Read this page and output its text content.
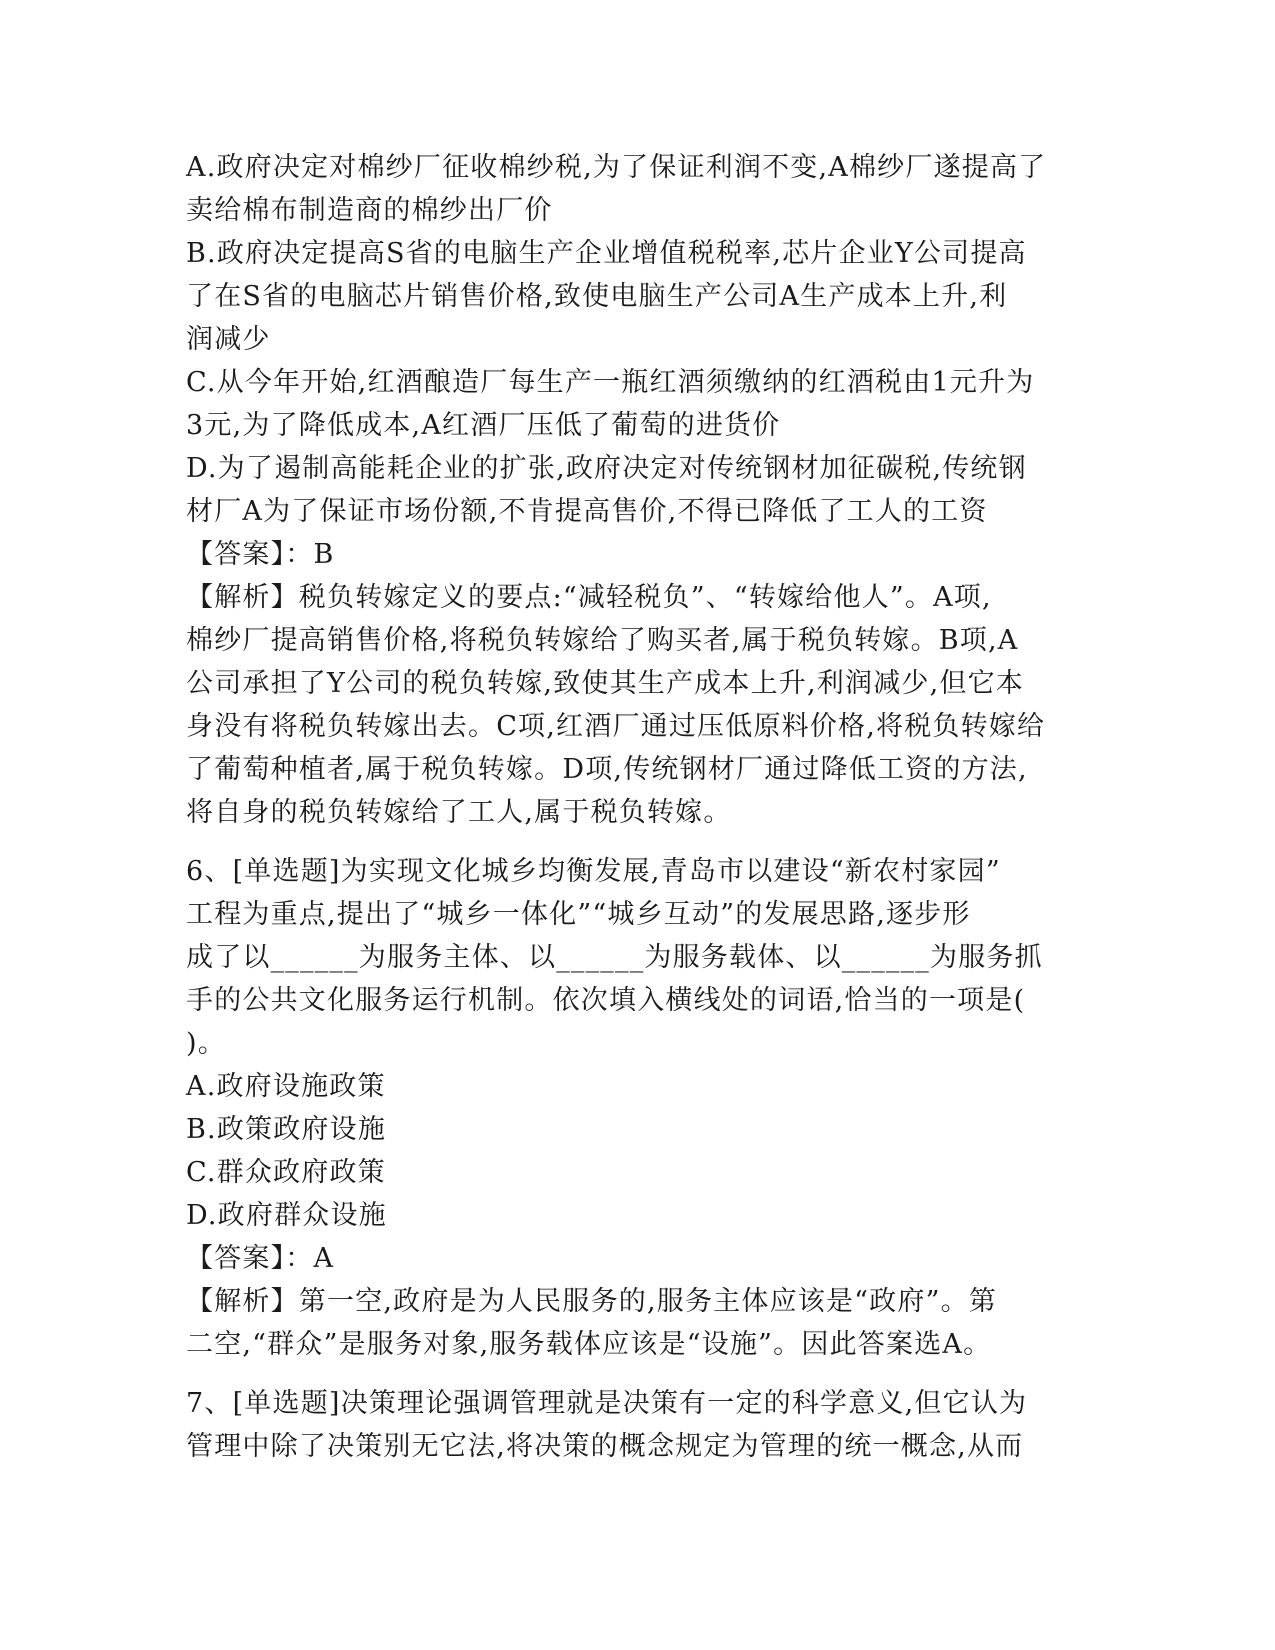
A.政府决定对棉纱厂征收棉纱税,为了保证利润不变,A棉纱厂遂提高了
卖给棉布制造商的棉纱出厂价
B.政府决定提高S省的电脑生产企业增值税税率,芯片企业Y公司提高
了在S省的电脑芯片销售价格,致使电脑生产公司A生产成本上升,利
润减少
C.从今年开始,红酒酿造厂每生产一瓶红酒须缴纳的红酒税由1元升为
3元,为了降低成本,A红酒厂压低了葡萄的进货价
D.为了遏制高能耗企业的扩张,政府决定对传统钢材加征碳税,传统钢
材厂A为了保证市场份额,不肯提高售价,不得已降低了工人的工资
【答案】：B
【解析】税负转嫁定义的要点:“减轻税负”、“转嫁给他人”。A项,
棉纱厂提高销售价格,将税负转嫁给了购买者,属于税负转嫁。B项,A
公司承担了Y公司的税负转嫁,致使其生产成本上升,利润减少,但它本
身没有将税负转嫁出去。C项,红酒厂通过压低原料价格,将税负转嫁给
了葡萄种植者,属于税负转嫁。D项,传统钢材厂通过降低工资的方法,
将自身的税负转嫁给了工人,属于税负转嫁。
6、[单选题]为实现文化城乡均衡发展,青岛市以建设“新农村家园”
工程为重点,提出了“城乡一体化”“城乡互动”的发展思路,逐步形
成了以______为服务主体、以______为服务载体、以______为服务抓
手的公共文化服务运行机制。依次填入横线处的词语,恰当的一项是(
)。
A.政府设施政策
B.政策政府设施
C.群众政府政策
D.政府群众设施
【答案】：A
【解析】第一空,政府是为人民服务的,服务主体应该是“政府”。第
二空,“群众”是服务对象,服务载体应该是“设施”。因此答案选A。
7、[单选题]决策理论强调管理就是决策有一定的科学意义,但它认为
管理中除了决策别无它法,将决策的概念规定为管理的统一概念,从而
